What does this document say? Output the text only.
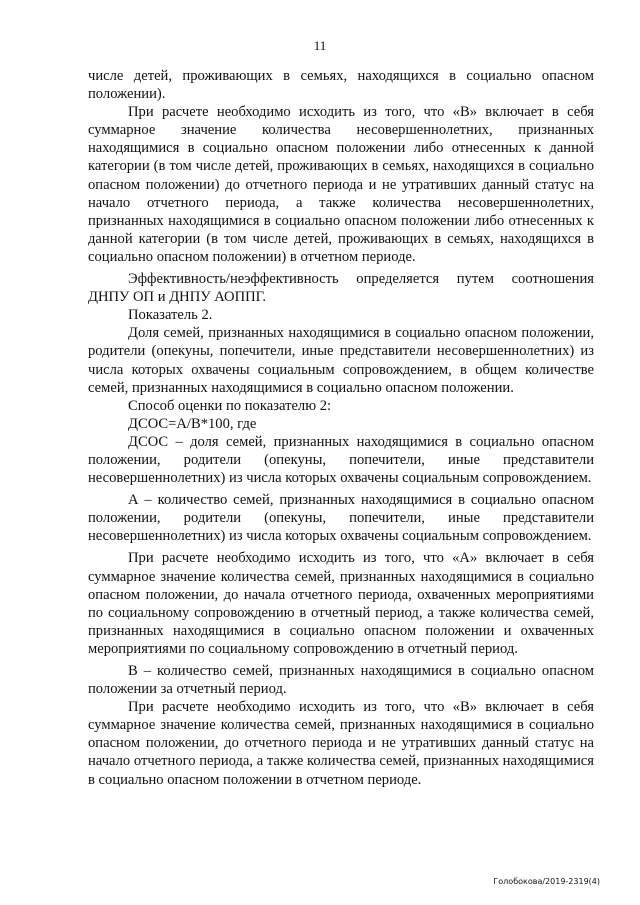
11

числе детей, проживающих в семьях, находящихся в социально опасном положении).

При расчете необходимо исходить из того, что «В» включает в себя суммарное значение количества несовершеннолетних, признанных находящимися в социально опасном положении либо отнесенных к данной категории (в том числе детей, проживающих в семьях, находящихся в социально опасном положении) до отчетного периода и не утративших данный статус на начало отчетного периода, а также количества несовершеннолетних, признанных находящимися в социально опасном положении либо отнесенных к данной категории (в том числе детей, проживающих в семьях, находящихся в социально опасном положении) в отчетном периоде.

Эффективность/неэффективность определяется путем соотношения ДНПУ ОП и ДНПУ АОППГ.

Показатель 2.

Доля семей, признанных находящимися в социально опасном положении, родители (опекуны, попечители, иные представители несовершеннолетних) из числа которых охвачены социальным сопровождением, в общем количестве семей, признанных находящимися в социально опасном положении.

Способ оценки по показателю 2:

ДСОС=А/В*100, где

ДСОС – доля семей, признанных находящимися в социально опасном положении, родители (опекуны, попечители, иные представители несовершеннолетних) из числа которых охвачены социальным сопровождением.

А – количество семей, признанных находящимися в социально опасном положении, родители (опекуны, попечители, иные представители несовершеннолетних) из числа которых охвачены социальным сопровождением.

При расчете необходимо исходить из того, что «А» включает в себя суммарное значение количества семей, признанных находящимися в социально опасном положении, до начала отчетного периода, охваченных мероприятиями по социальному сопровождению в отчетный период, а также количества семей, признанных находящимися в социально опасном положении и охваченных мероприятиями по социальному сопровождению в отчетный период.

В – количество семей, признанных находящимися в социально опасном положении за отчетный период.

При расчете необходимо исходить из того, что «В» включает в себя суммарное значение количества семей, признанных находящимися в социально опасном положении, до отчетного периода и не утративших данный статус на начало отчетного периода, а также количества семей, признанных находящимися в социально опасном положении в отчетном периоде.

Голобокова/2019-2319(4)
